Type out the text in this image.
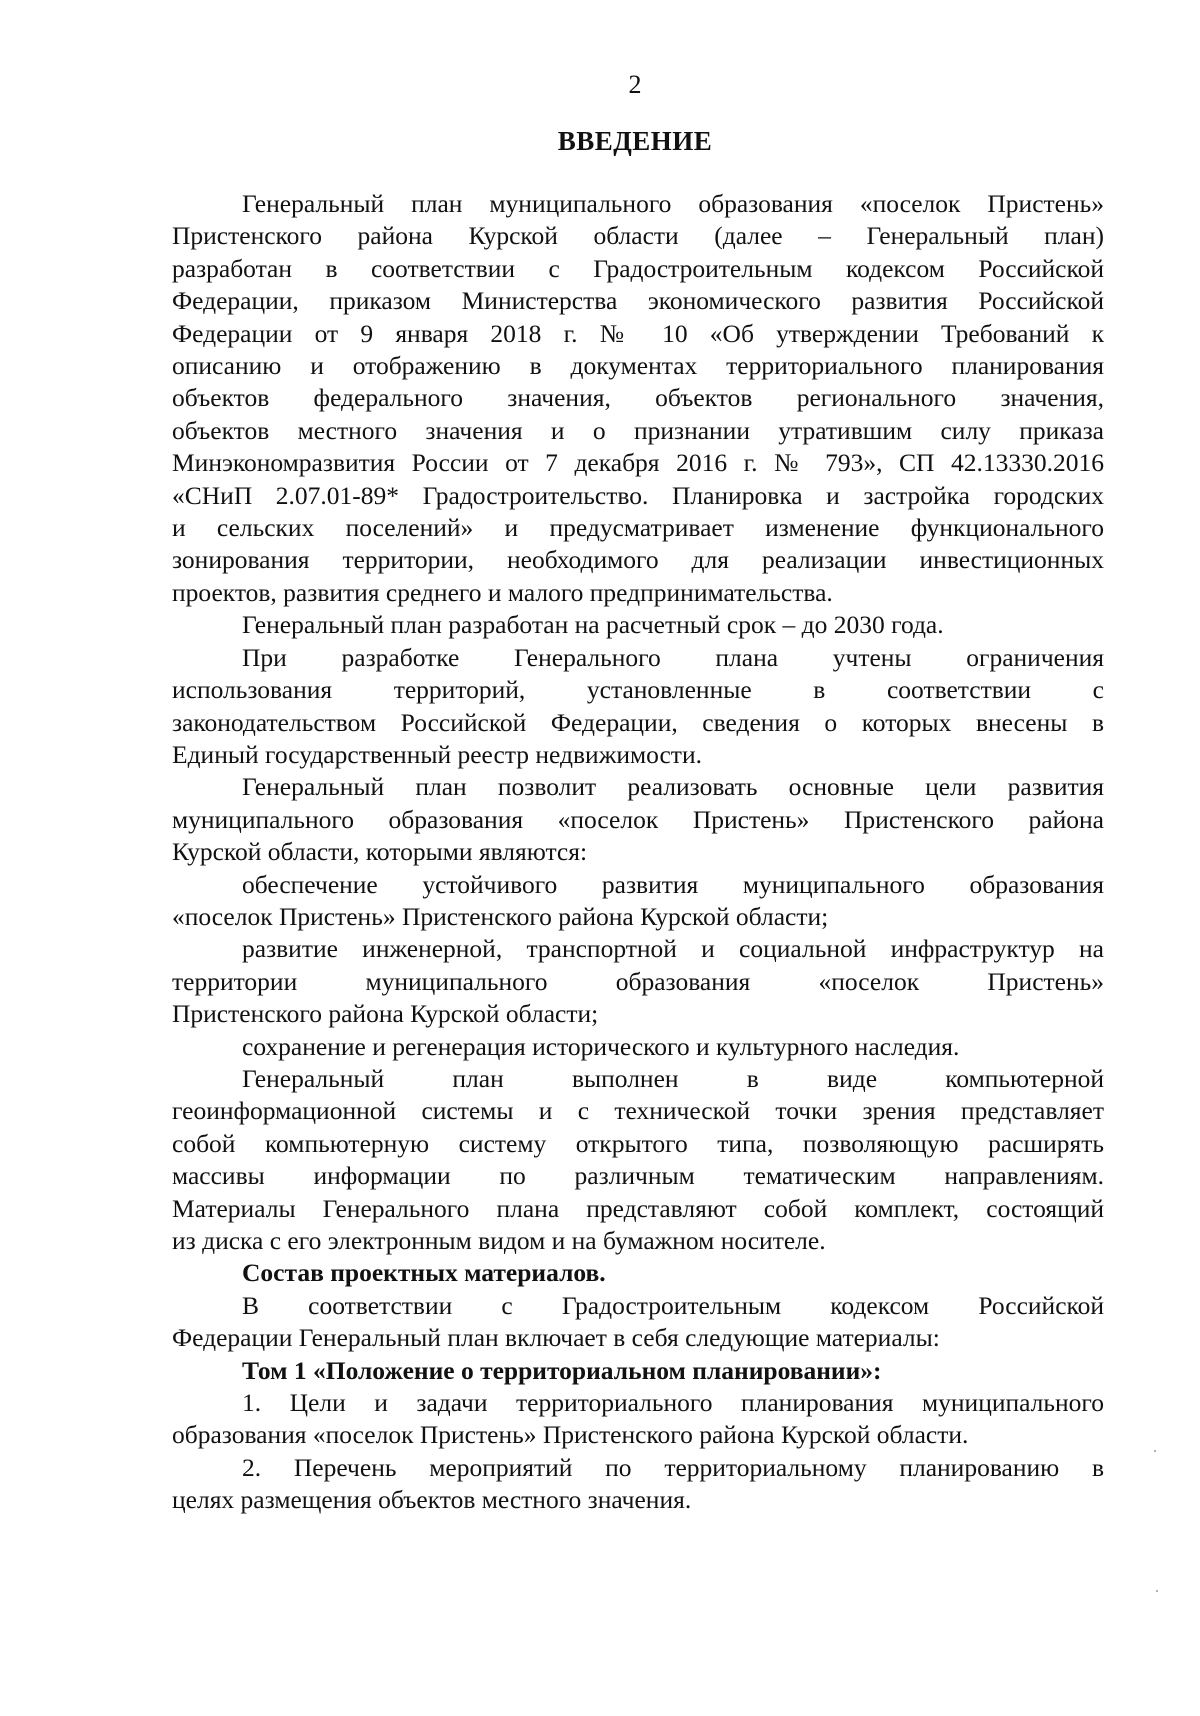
2
ВВЕДЕНИЕ
Генеральный план муниципального образования «поселок Пристень»
Пристенского района Курской области (далее – Генеральный план)
разработан в соответствии с Градостроительным кодексом Российской
Федерации, приказом Министерства экономического развития Российской
Федерации от 9 января 2018 г. № 10 «Об утверждении Требований к
описанию и отображению в документах территориального планирования
объектов федерального значения, объектов регионального значения,
объектов местного значения и о признании утратившим силу приказа
Минэкономразвития России от 7 декабря 2016 г. № 793», СП 42.13330.2016
«СНиП 2.07.01-89* Градостроительство. Планировка и застройка городских
и сельских поселений» и предусматривает изменение функционального
зонирования территории, необходимого для реализации инвестиционных
проектов, развития среднего и малого предпринимательства.
Генеральный план разработан на расчетный срок – до 2030 года.
При разработке Генерального плана учтены ограничения
использования территорий, установленные в соответствии с
законодательством Российской Федерации, сведения о которых внесены в
Единый государственный реестр недвижимости.
Генеральный план позволит реализовать основные цели развития
муниципального образования «поселок Пристень» Пристенского района
Курской области, которыми являются:
обеспечение устойчивого развития муниципального образования
«поселок Пристень» Пристенского района Курской области;
развитие инженерной, транспортной и социальной инфраструктур на
территории муниципального образования «поселок Пристень»
Пристенского района Курской области;
сохранение и регенерация исторического и культурного наследия.
Генеральный план выполнен в виде компьютерной
геоинформационной системы и с технической точки зрения представляет
собой компьютерную систему открытого типа, позволяющую расширять
массивы информации по различным тематическим направлениям.
Материалы Генерального плана представляют собой комплект, состоящий
из диска с его электронным видом и на бумажном носителе.
Состав проектных материалов.
В соответствии с Градостроительным кодексом Российской
Федерации Генеральный план включает в себя следующие материалы:
Том 1 «Положение о территориальном планировании»:
1. Цели и задачи территориального планирования муниципального
образования «поселок Пристень» Пристенского района Курской области.
2. Перечень мероприятий по территориальному планированию в
целях размещения объектов местного значения.
